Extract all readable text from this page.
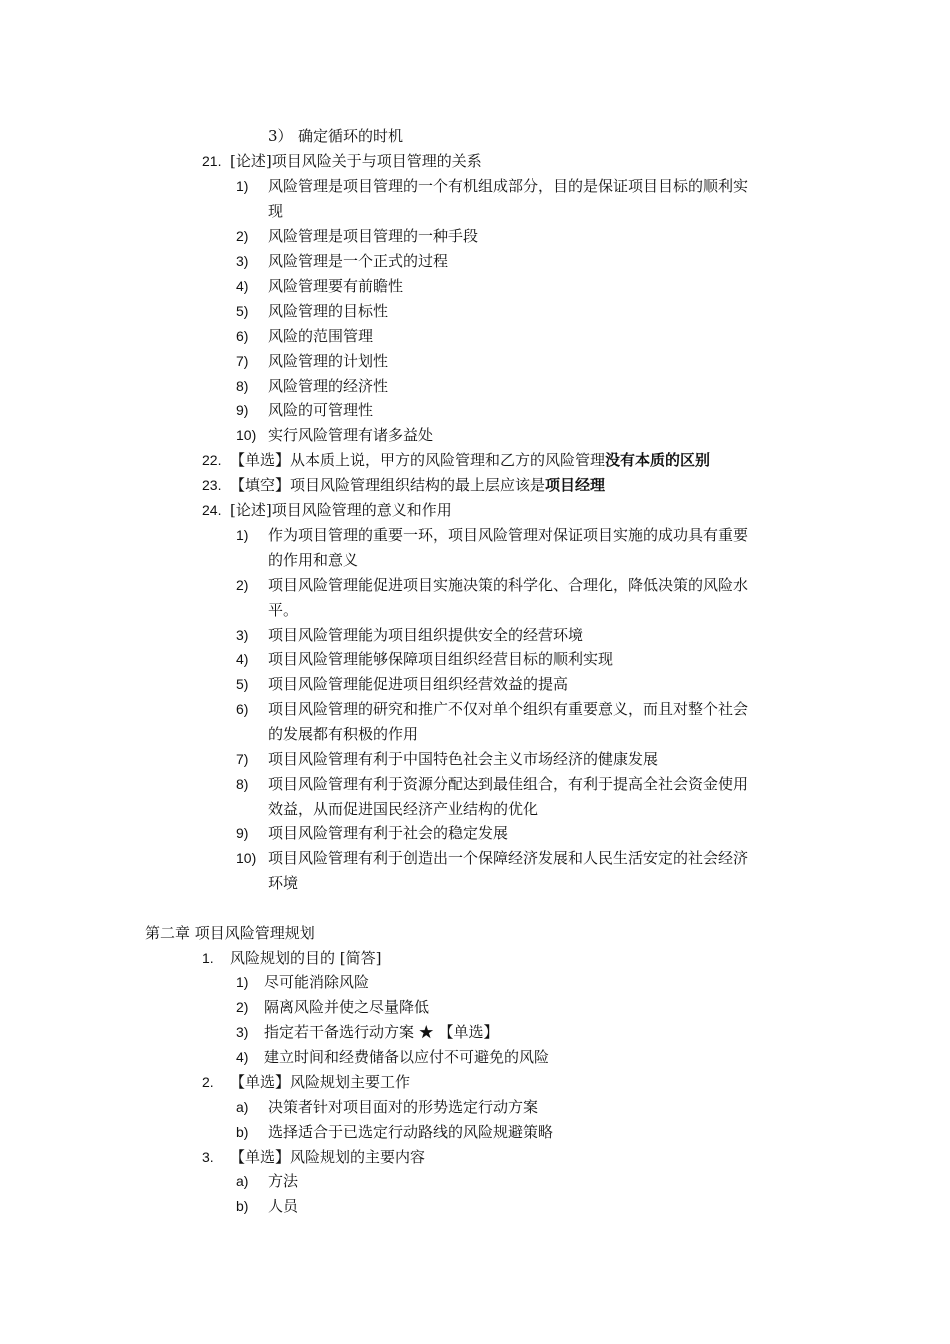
3） 确定循环的时机
21. [论述]项目风险关于与项目管理的关系
1) 风险管理是项目管理的一个有机组成部分，目的是保证项目目标的顺利实
现
2) 风险管理是项目管理的一种手段
3) 风险管理是一个正式的过程
4) 风险管理要有前瞻性
5) 风险管理的目标性
6) 风险的范围管理
7) 风险管理的计划性
8) 风险管理的经济性
9) 风险的可管理性
10) 实行风险管理有诸多益处
22. 【单选】从本质上说，甲方的风险管理和乙方的风险管理没有本质的区别
23. 【填空】项目风险管理组织结构的最上层应该是项目经理
24. [论述]项目风险管理的意义和作用
1) 作为项目管理的重要一环，项目风险管理对保证项目实施的成功具有重要
的作用和意义
2) 项目风险管理能促进项目实施决策的科学化、合理化，降低决策的风险水
平。
3) 项目风险管理能为项目组织提供安全的经营环境
4) 项目风险管理能够保障项目组织经营目标的顺利实现
5) 项目风险管理能促进项目组织经营效益的提高
6) 项目风险管理的研究和推广不仅对单个组织有重要意义，而且对整个社会
的发展都有积极的作用
7) 项目风险管理有利于中国特色社会主义市场经济的健康发展
8) 项目风险管理有利于资源分配达到最佳组合，有利于提高全社会资金使用
效益，从而促进国民经济产业结构的优化
9) 项目风险管理有利于社会的稳定发展
10) 项目风险管理有利于创造出一个保障经济发展和人民生活安定的社会经济
环境
第二章 项目风险管理规划
1. 风险规划的目的 [简答]
1) 尽可能消除风险
2) 隔离风险并使之尽量降低
3) 指定若干备选行动方案 ★ 【单选】
4) 建立时间和经费储备以应付不可避免的风险
2. 【单选】风险规划主要工作
a) 决策者针对项目面对的形势选定行动方案
b) 选择适合于已选定行动路线的风险规避策略
3. 【单选】风险规划的主要内容
a) 方法
b) 人员
